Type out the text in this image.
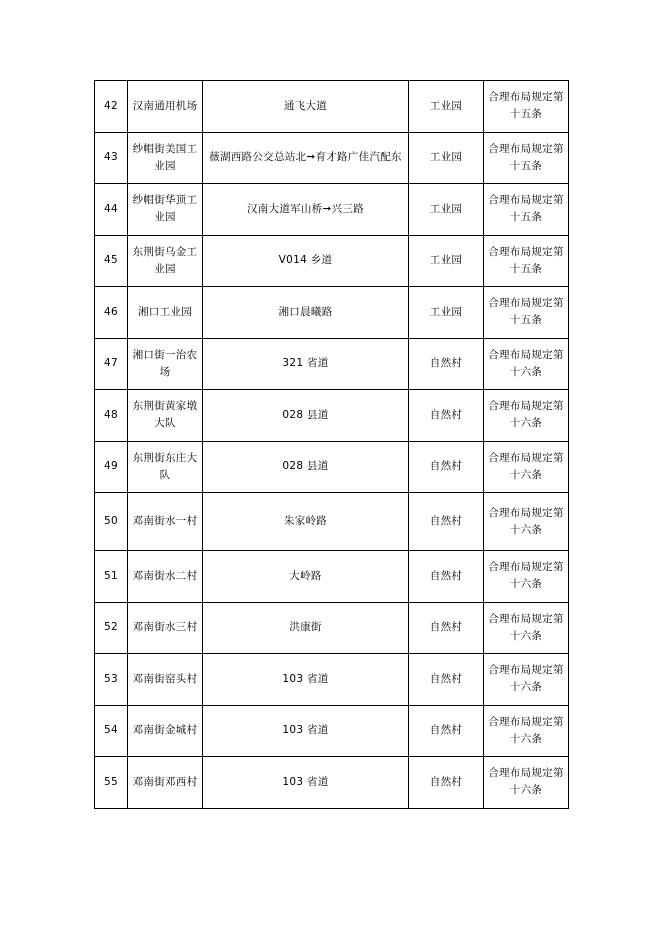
42	汉南通用机场	通飞大道	工业园	合理布局规定第十五条
43	纱帽街美国工业园	薇湖西路公交总站北➞育才路广佳汽配东	工业园	合理布局规定第十五条
44	纱帽街华顶工业园	汉南大道军山桥➞兴三路	工业园	合理布局规定第十五条
45	东荆街乌金工业园	V014 乡道	工业园	合理布局规定第十五条
46	湘口工业园	湘口晨曦路	工业园	合理布局规定第十五条
47	湘口街一治农场	321 省道	自然村	合理布局规定第十六条
48	东荆街黄家墩大队	028 县道	自然村	合理布局规定第十六条
49	东荆街东庄大队	028 县道	自然村	合理布局规定第十六条
50	邓南街水一村	朱家岭路	自然村	合理布局规定第十六条
51	邓南街水二村	大岭路	自然村	合理布局规定第十六条
52	邓南街水三村	洪康街	自然村	合理布局规定第十六条
53	邓南街窑头村	103 省道	自然村	合理布局规定第十六条
54	邓南街金城村	103 省道	自然村	合理布局规定第十六条
55	邓南街邓西村	103 省道	自然村	合理布局规定第十六条
